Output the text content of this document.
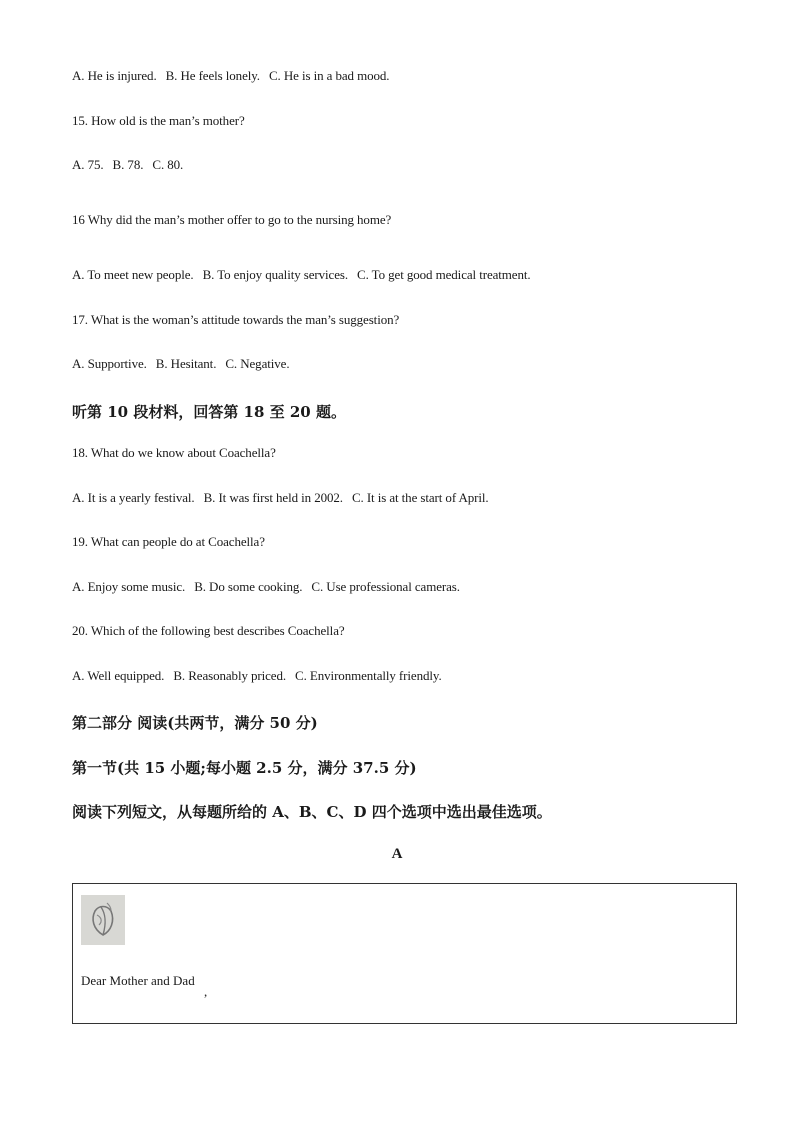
A. He is injured. B. He feels lonely. C. He is in a bad mood.
15. How old is the man’s mother?
A. 75. B. 78. C. 80.
16 Why did the man’s mother offer to go to the nursing home?
A. To meet new people. B. To enjoy quality services. C. To get good medical treatment.
17. What is the woman’s attitude towards the man’s suggestion?
A. Supportive. B. Hesitant. C. Negative.
听第 10 段材料，回答第 18 至 20 题。
18. What do we know about Coachella?
A. It is a yearly festival. B. It was first held in 2002. C. It is at the start of April.
19. What can people do at Coachella?
A. Enjoy some music. B. Do some cooking. C. Use professional cameras.
20. Which of the following best describes Coachella?
A. Well equipped. B. Reasonably priced. C. Environmentally friendly.
第二部分 阅读(共两节，满分 50 分)
第一节(共 15 小题;每小题 2.5 分，满分 37.5 分)
阅读下列短文，从每题所给的 A、B、C、D 四个选项中选出最佳选项。
A
Dear Mother and Dad
,
